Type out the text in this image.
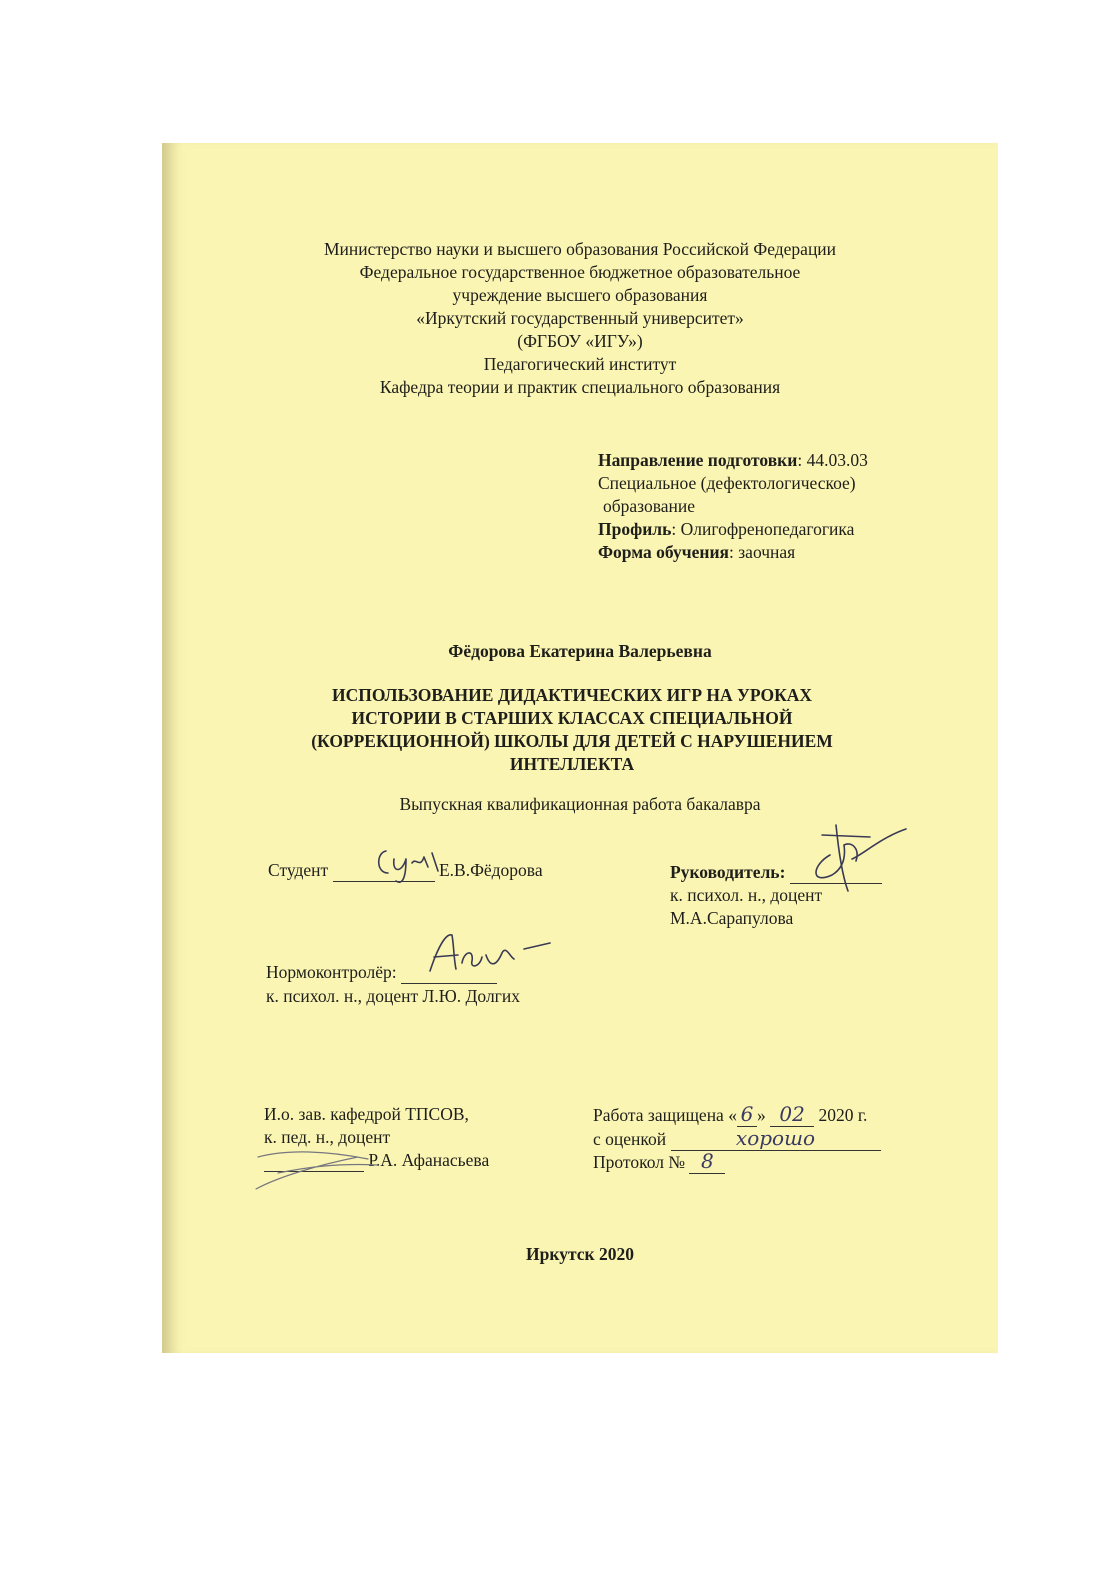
Министерство науки и высшего образования Российской Федерации
Федеральное государственное бюджетное образовательное
учреждение высшего образования
«Иркутский государственный университет»
(ФГБОУ «ИГУ»)
Педагогический институт
Кафедра теории и практик специального образования
Направление подготовки: 44.03.03
Специальное (дефектологическое)
образование
Профиль: Олигофренопедагогика
Форма обучения: заочная
Фёдорова Екатерина Валерьевна
ИСПОЛЬЗОВАНИЕ ДИДАКТИЧЕСКИХ ИГР НА УРОКАХ
ИСТОРИИ В СТАРШИХ КЛАССАХ СПЕЦИАЛЬНОЙ
(КОРРЕКЦИОННОЙ) ШКОЛЫ ДЛЯ ДЕТЕЙ С НАРУШЕНИЕМ
ИНТЕЛЛЕКТА
Выпускная квалификационная работа бакалавра
Студент	Е.В.Фёдорова	Руководитель:
к. психол. н., доцент
М.А.Сарапулова
Нормоконтролёр:
к. психол. н., доцент Л.Ю. Долгих
И.о. зав. кафедрой ТПСОВ,
к. пед. н., доцент
Р.А. Афанасьева
Работа защищена « 6 » 02 2020 г.
с оценкой	хорошо
Протокол № 8
Иркутск 2020
